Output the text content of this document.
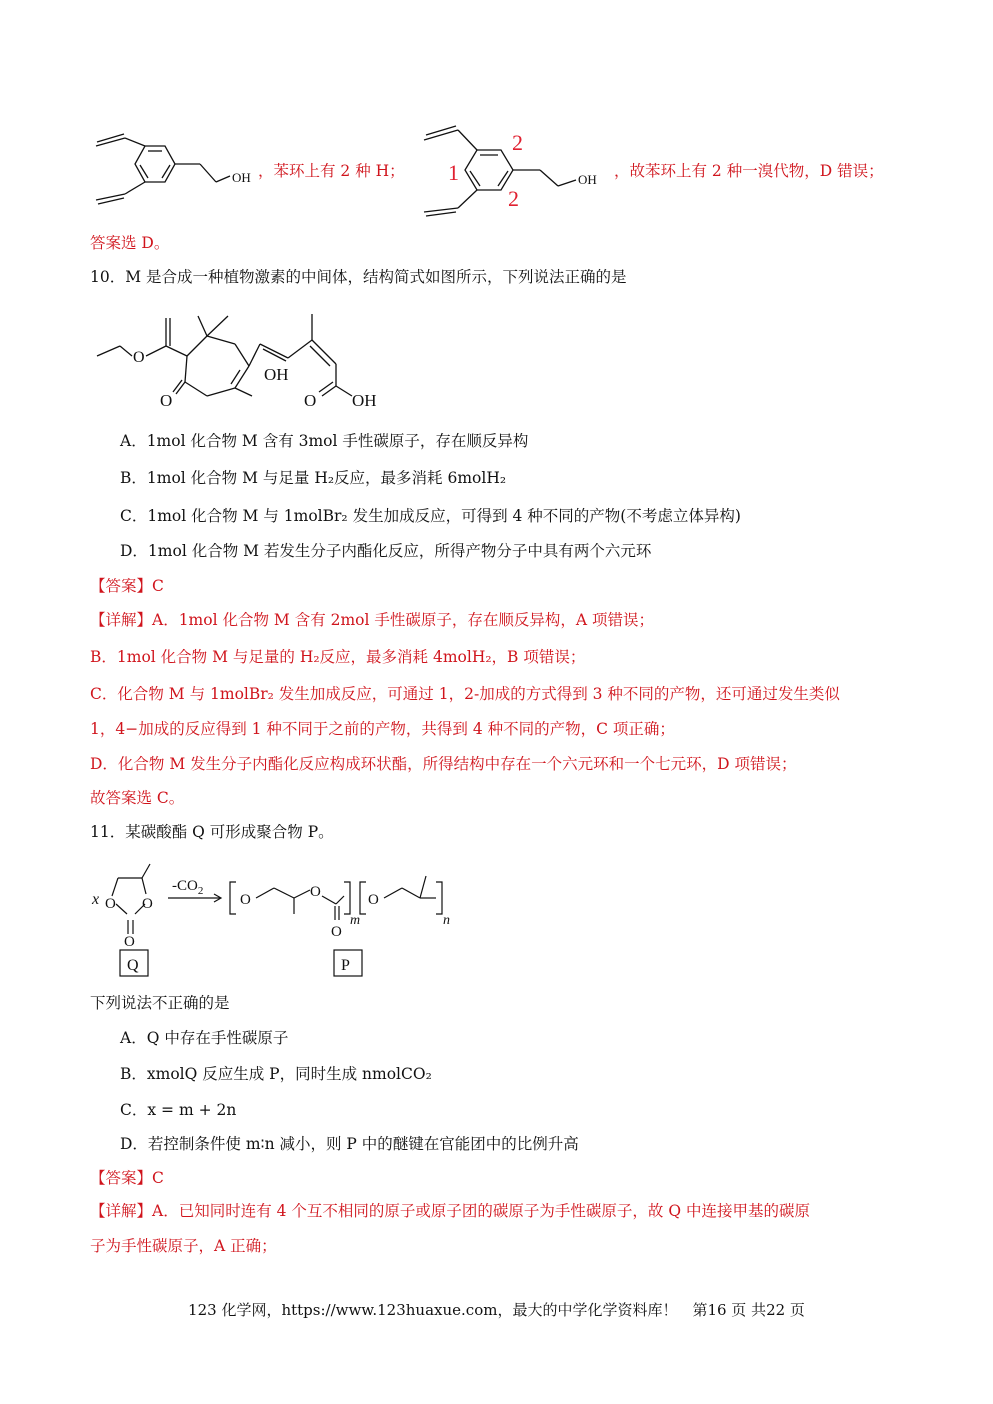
OH ，苯环上有 2 种 H；
2
1
2
OH ，故苯环上有 2 种一溴代物，D 错误；
答案选 D。
10．M 是合成一种植物激素的中间体，结构简式如图所示，下列说法正确的是
O
OH
O	O OH
A．1mol 化合物 M 含有 3mol 手性碳原子，存在顺反异构
B．1mol 化合物 M 与足量 H₂反应，最多消耗 6molH₂
C．1mol 化合物 M 与 1molBr₂ 发生加成反应，可得到 4 种不同的产物(不考虑立体异构)
D．1mol 化合物 M 若发生分子内酯化反应，所得产物分子中具有两个六元环
【答案】C
【详解】A．1mol 化合物 M 含有 2mol 手性碳原子，存在顺反异构，A 项错误；
B．1mol 化合物 M 与足量的 H₂反应，最多消耗 4molH₂，B 项错误；
C．化合物 M 与 1molBr₂ 发生加成反应，可通过 1，2-加成的方式得到 3 种不同的产物，还可通过发生类似
1，4−加成的反应得到 1 种不同于之前的产物，共得到 4 种不同的产物，C 项正确；
D．化合物 M 发生分子内酯化反应构成环状酯，所得结构中存在一个六元环和一个七元环，D 项错误；
故答案选 C。
11．某碳酸酯 Q 可形成聚合物 P。
x O O
O
$-CO_2$
O	O
O
O
m	n
Q	P
下列说法不正确的是
A．Q 中存在手性碳原子
B．xmolQ 反应生成 P，同时生成 nmolCO₂
C．x = m + 2n
D．若控制条件使 m∶n 减小，则 P 中的醚键在官能团中的比例升高
【答案】C
【详解】A．已知同时连有 4 个互不相同的原子或原子团的碳原子为手性碳原子，故 Q 中连接甲基的碳原
子为手性碳原子，A 正确；
123 化学网，https://www.123huaxue.com，最大的中学化学资料库！　第16 页 共22 页
